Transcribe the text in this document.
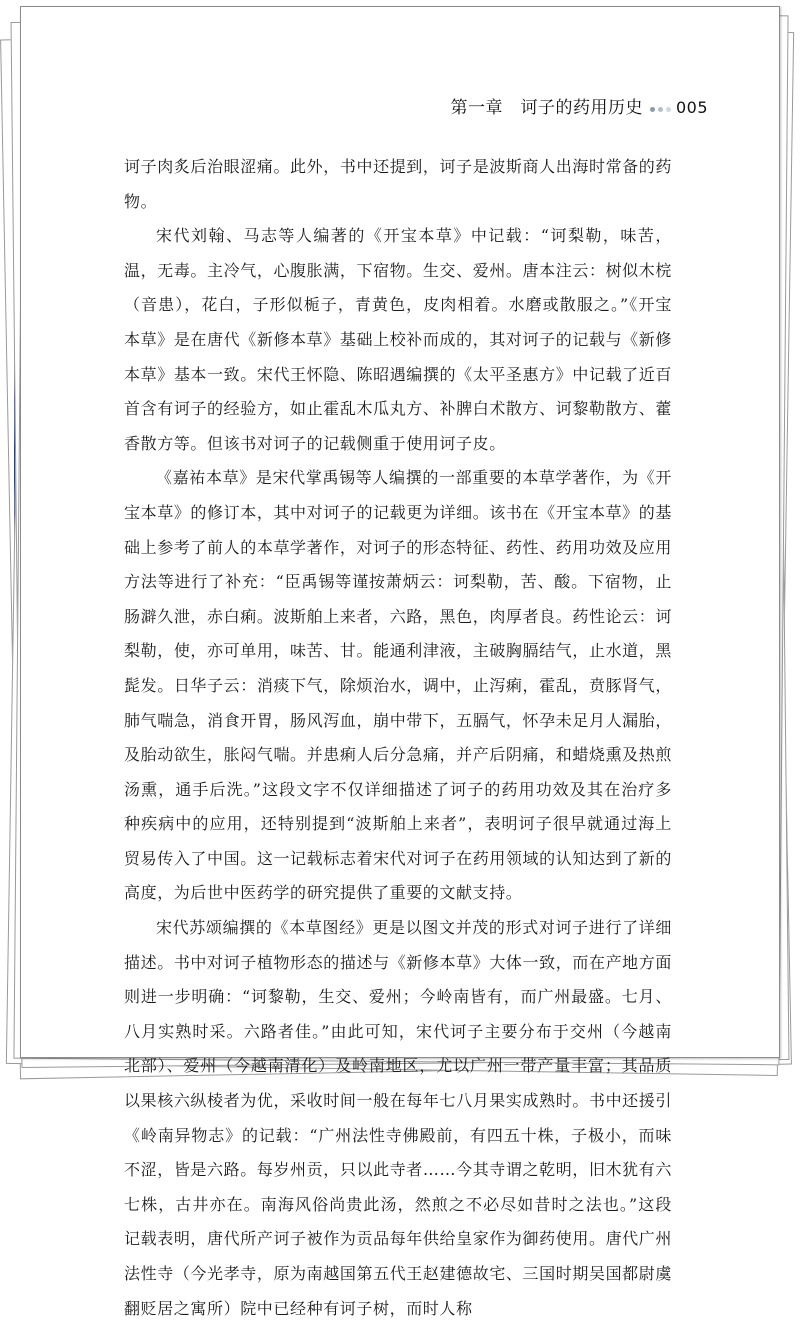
第一章　诃子的药用历史 005

诃子肉炙后治眼涩痛。此外，书中还提到，诃子是波斯商人出海时常备的药物。

宋代刘翰、马志等人编著的《开宝本草》中记载：“诃梨勒，味苦，温，无毒。主冷气，心腹胀满，下宿物。生交、爱州。唐本注云：树似木梡（音患），花白，子形似栀子，青黄色，皮肉相着。水磨或散服之。”《开宝本草》是在唐代《新修本草》基础上校补而成的，其对诃子的记载与《新修本草》基本一致。宋代王怀隐、陈昭遇编撰的《太平圣惠方》中记载了近百首含有诃子的经验方，如止霍乱木瓜丸方、补脾白术散方、诃黎勒散方、藿香散方等。但该书对诃子的记载侧重于使用诃子皮。

《嘉祐本草》是宋代掌禹锡等人编撰的一部重要的本草学著作，为《开宝本草》的修订本，其中对诃子的记载更为详细。该书在《开宝本草》的基础上参考了前人的本草学著作，对诃子的形态特征、药性、药用功效及应用方法等进行了补充：“臣禹锡等谨按萧炳云：诃梨勒，苦、酸。下宿物，止肠澼久泄，赤白痢。波斯舶上来者，六路，黑色，肉厚者良。药性论云：诃梨勒，使，亦可单用，味苦、甘。能通利津液，主破胸膈结气，止水道，黑髭发。日华子云：消痰下气，除烦治水，调中，止泻痢，霍乱，贲豚肾气，肺气喘急，消食开胃，肠风泻血，崩中带下，五膈气，怀孕未足月人漏胎，及胎动欲生，胀闷气喘。并患痢人后分急痛，并产后阴痛，和蜡烧熏及热煎汤熏，通手后洗。”这段文字不仅详细描述了诃子的药用功效及其在治疗多种疾病中的应用，还特别提到“波斯舶上来者”，表明诃子很早就通过海上贸易传入了中国。这一记载标志着宋代对诃子在药用领域的认知达到了新的高度，为后世中医药学的研究提供了重要的文献支持。

宋代苏颂编撰的《本草图经》更是以图文并茂的形式对诃子进行了详细描述。书中对诃子植物形态的描述与《新修本草》大体一致，而在产地方面则进一步明确：“诃黎勒，生交、爱州；今岭南皆有，而广州最盛。七月、八月实熟时采。六路者佳。”由此可知，宋代诃子主要分布于交州（今越南北部）、爱州（今越南清化）及岭南地区，尤以广州一带产量丰富；其品质以果核六纵棱者为优，采收时间一般在每年七八月果实成熟时。书中还援引《岭南异物志》的记载：“广州法性寺佛殿前，有四五十株，子极小，而味不涩，皆是六路。每岁州贡，只以此寺者……今其寺谓之乾明，旧木犹有六七株，古井亦在。南海风俗尚贵此汤，然煎之不必尽如昔时之法也。”这段记载表明，唐代所产诃子被作为贡品每年供给皇家作为御药使用。唐代广州法性寺（今光孝寺，原为南越国第五代王赵建德故宅、三国时期吴国都尉虞翻贬居之寓所）院中已经种有诃子树，而时人称
